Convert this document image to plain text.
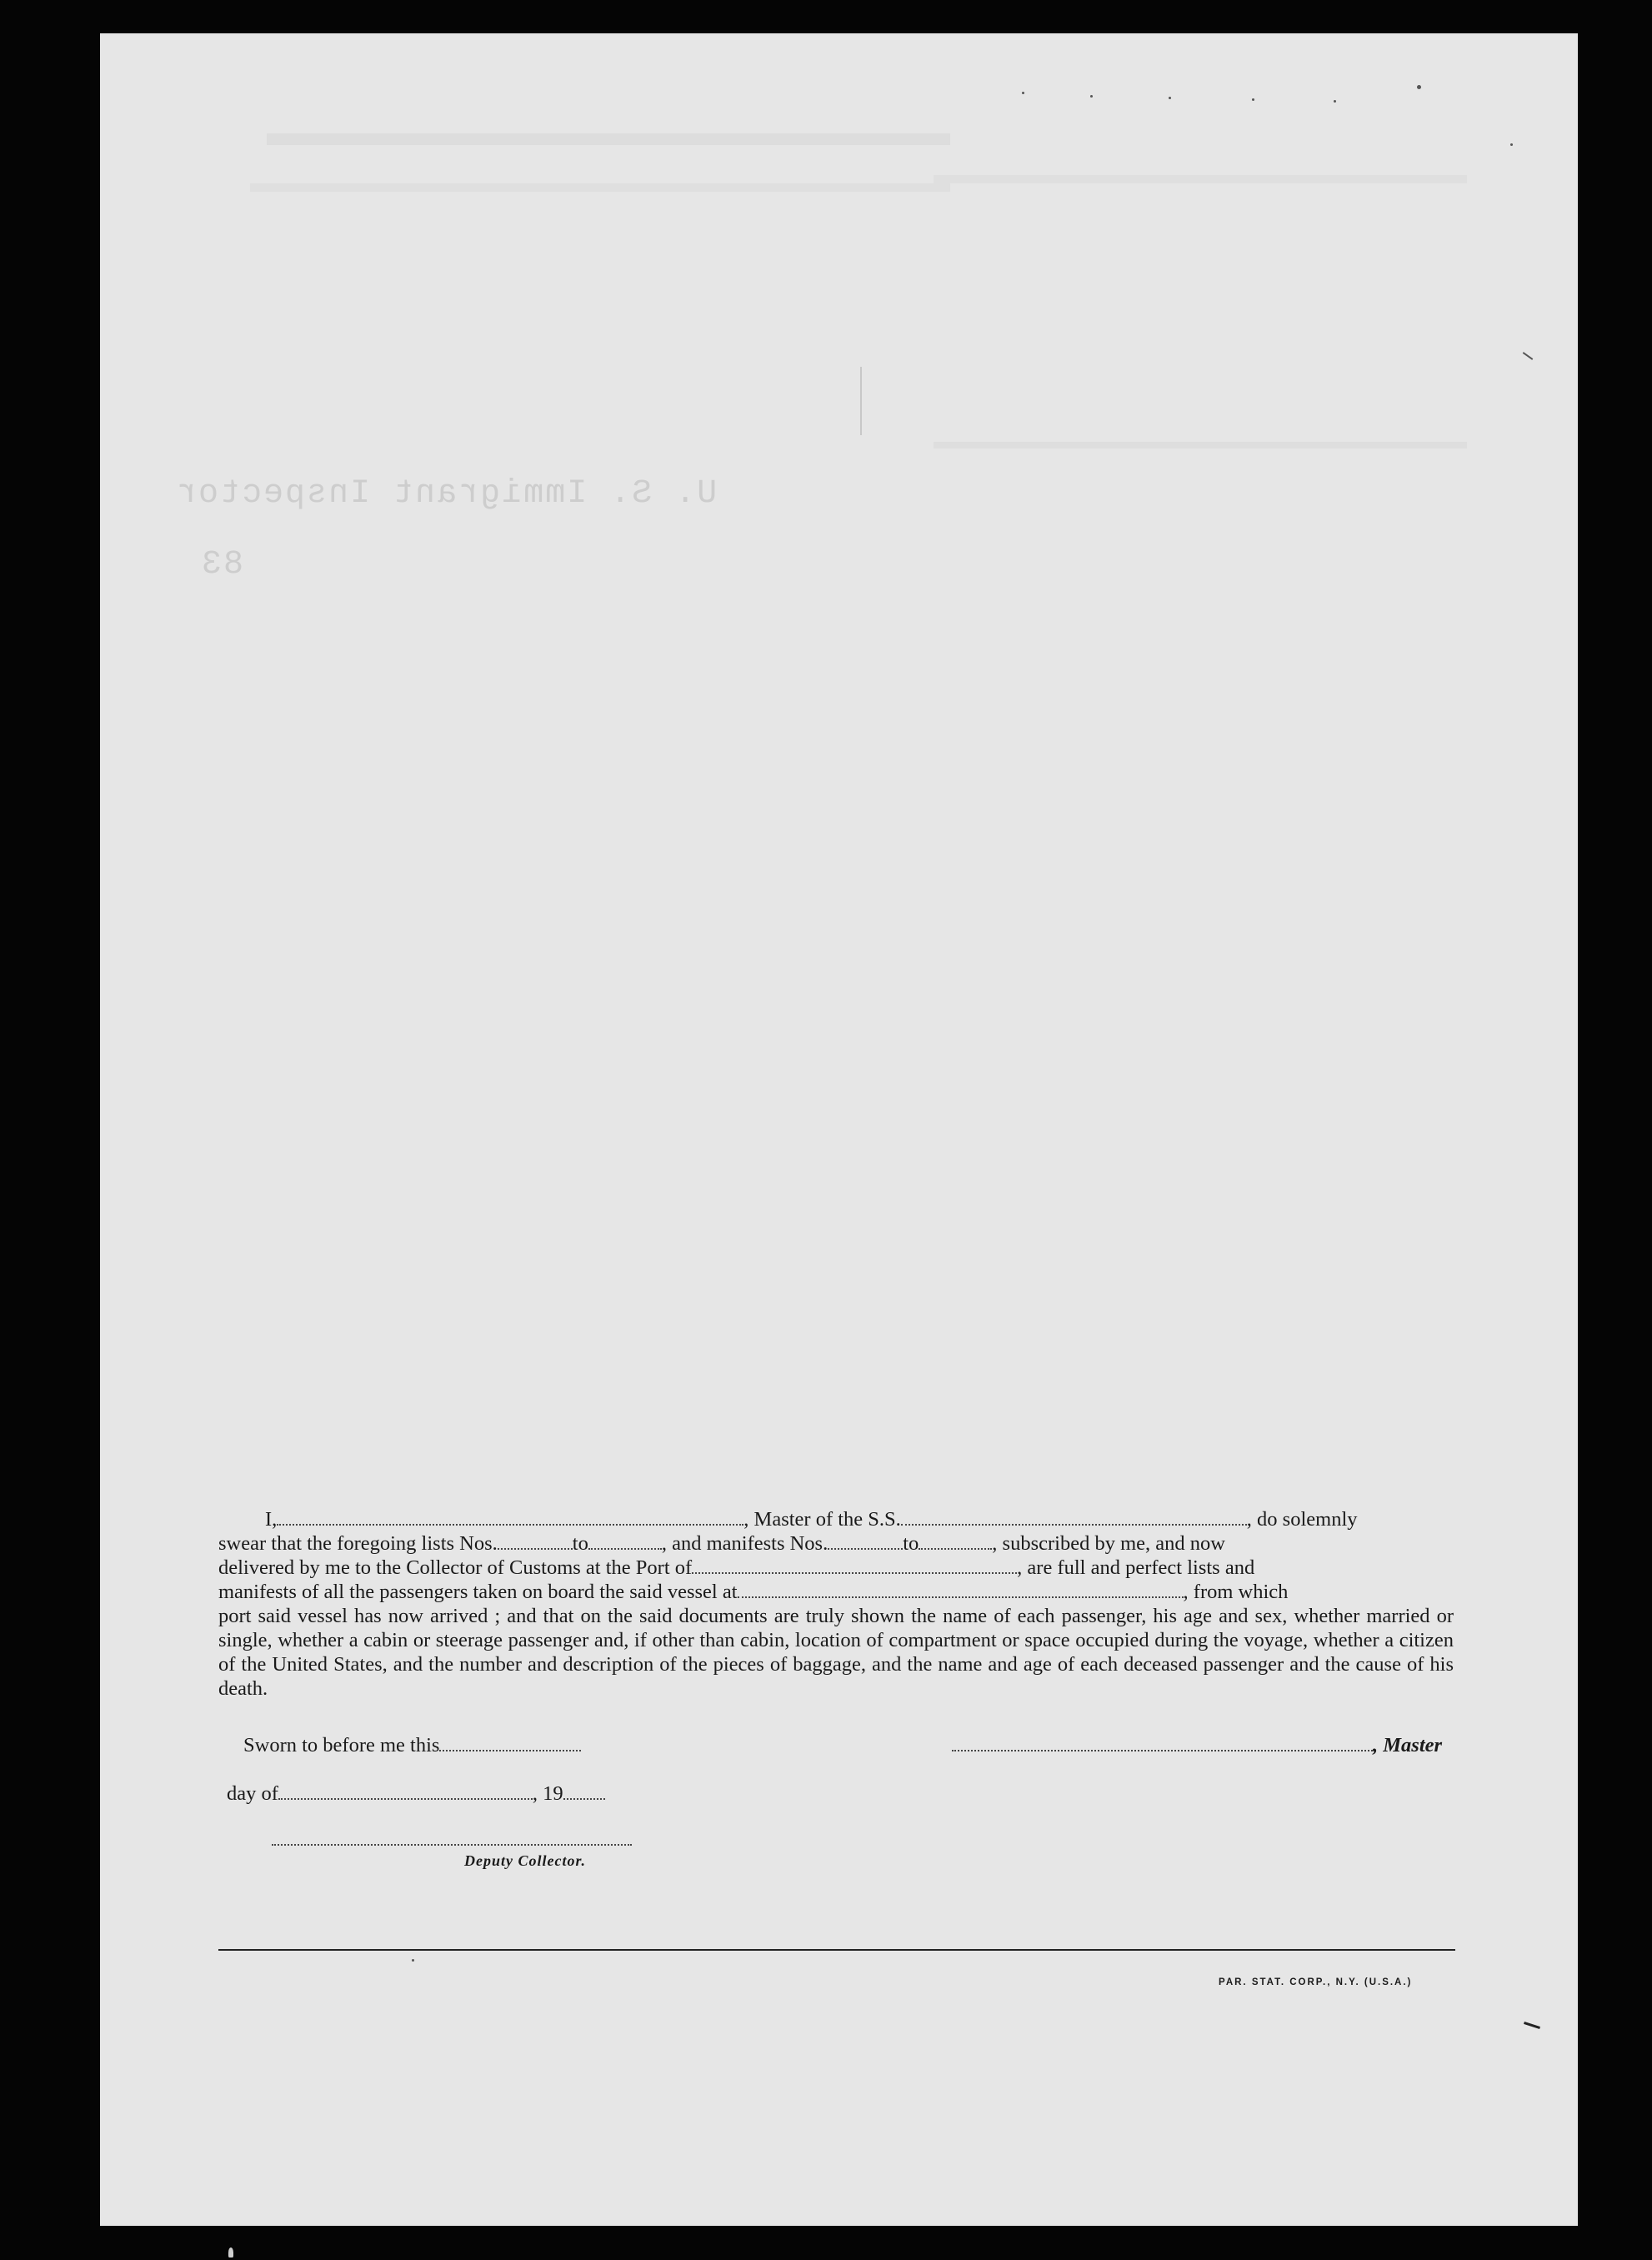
U. S. Immigrant Inspector
83
I,	, Master of the S.S.	, do solemnly
swear that the foregoing lists Nos.	to	, and manifests Nos.	to	, subscribed by me, and now
delivered by me to the Collector of Customs at the Port of	, are full and perfect lists and
manifests of all the passengers taken on board the said vessel at	, from which
port said vessel has now arrived ; and that on the said documents are truly shown the name of each passenger, his age and sex, whether married or single, whether a cabin or steerage passenger and, if other than cabin, location of compartment or space occupied during the voyage, whether a citizen of the United States, and the number and description of the pieces of baggage, and the name and age of each deceased passenger and the cause of his death.
Sworn to before me this	, Master
day of	, 19
Deputy Collector.
PAR. STAT. CORP., N.Y. (U.S.A.)
